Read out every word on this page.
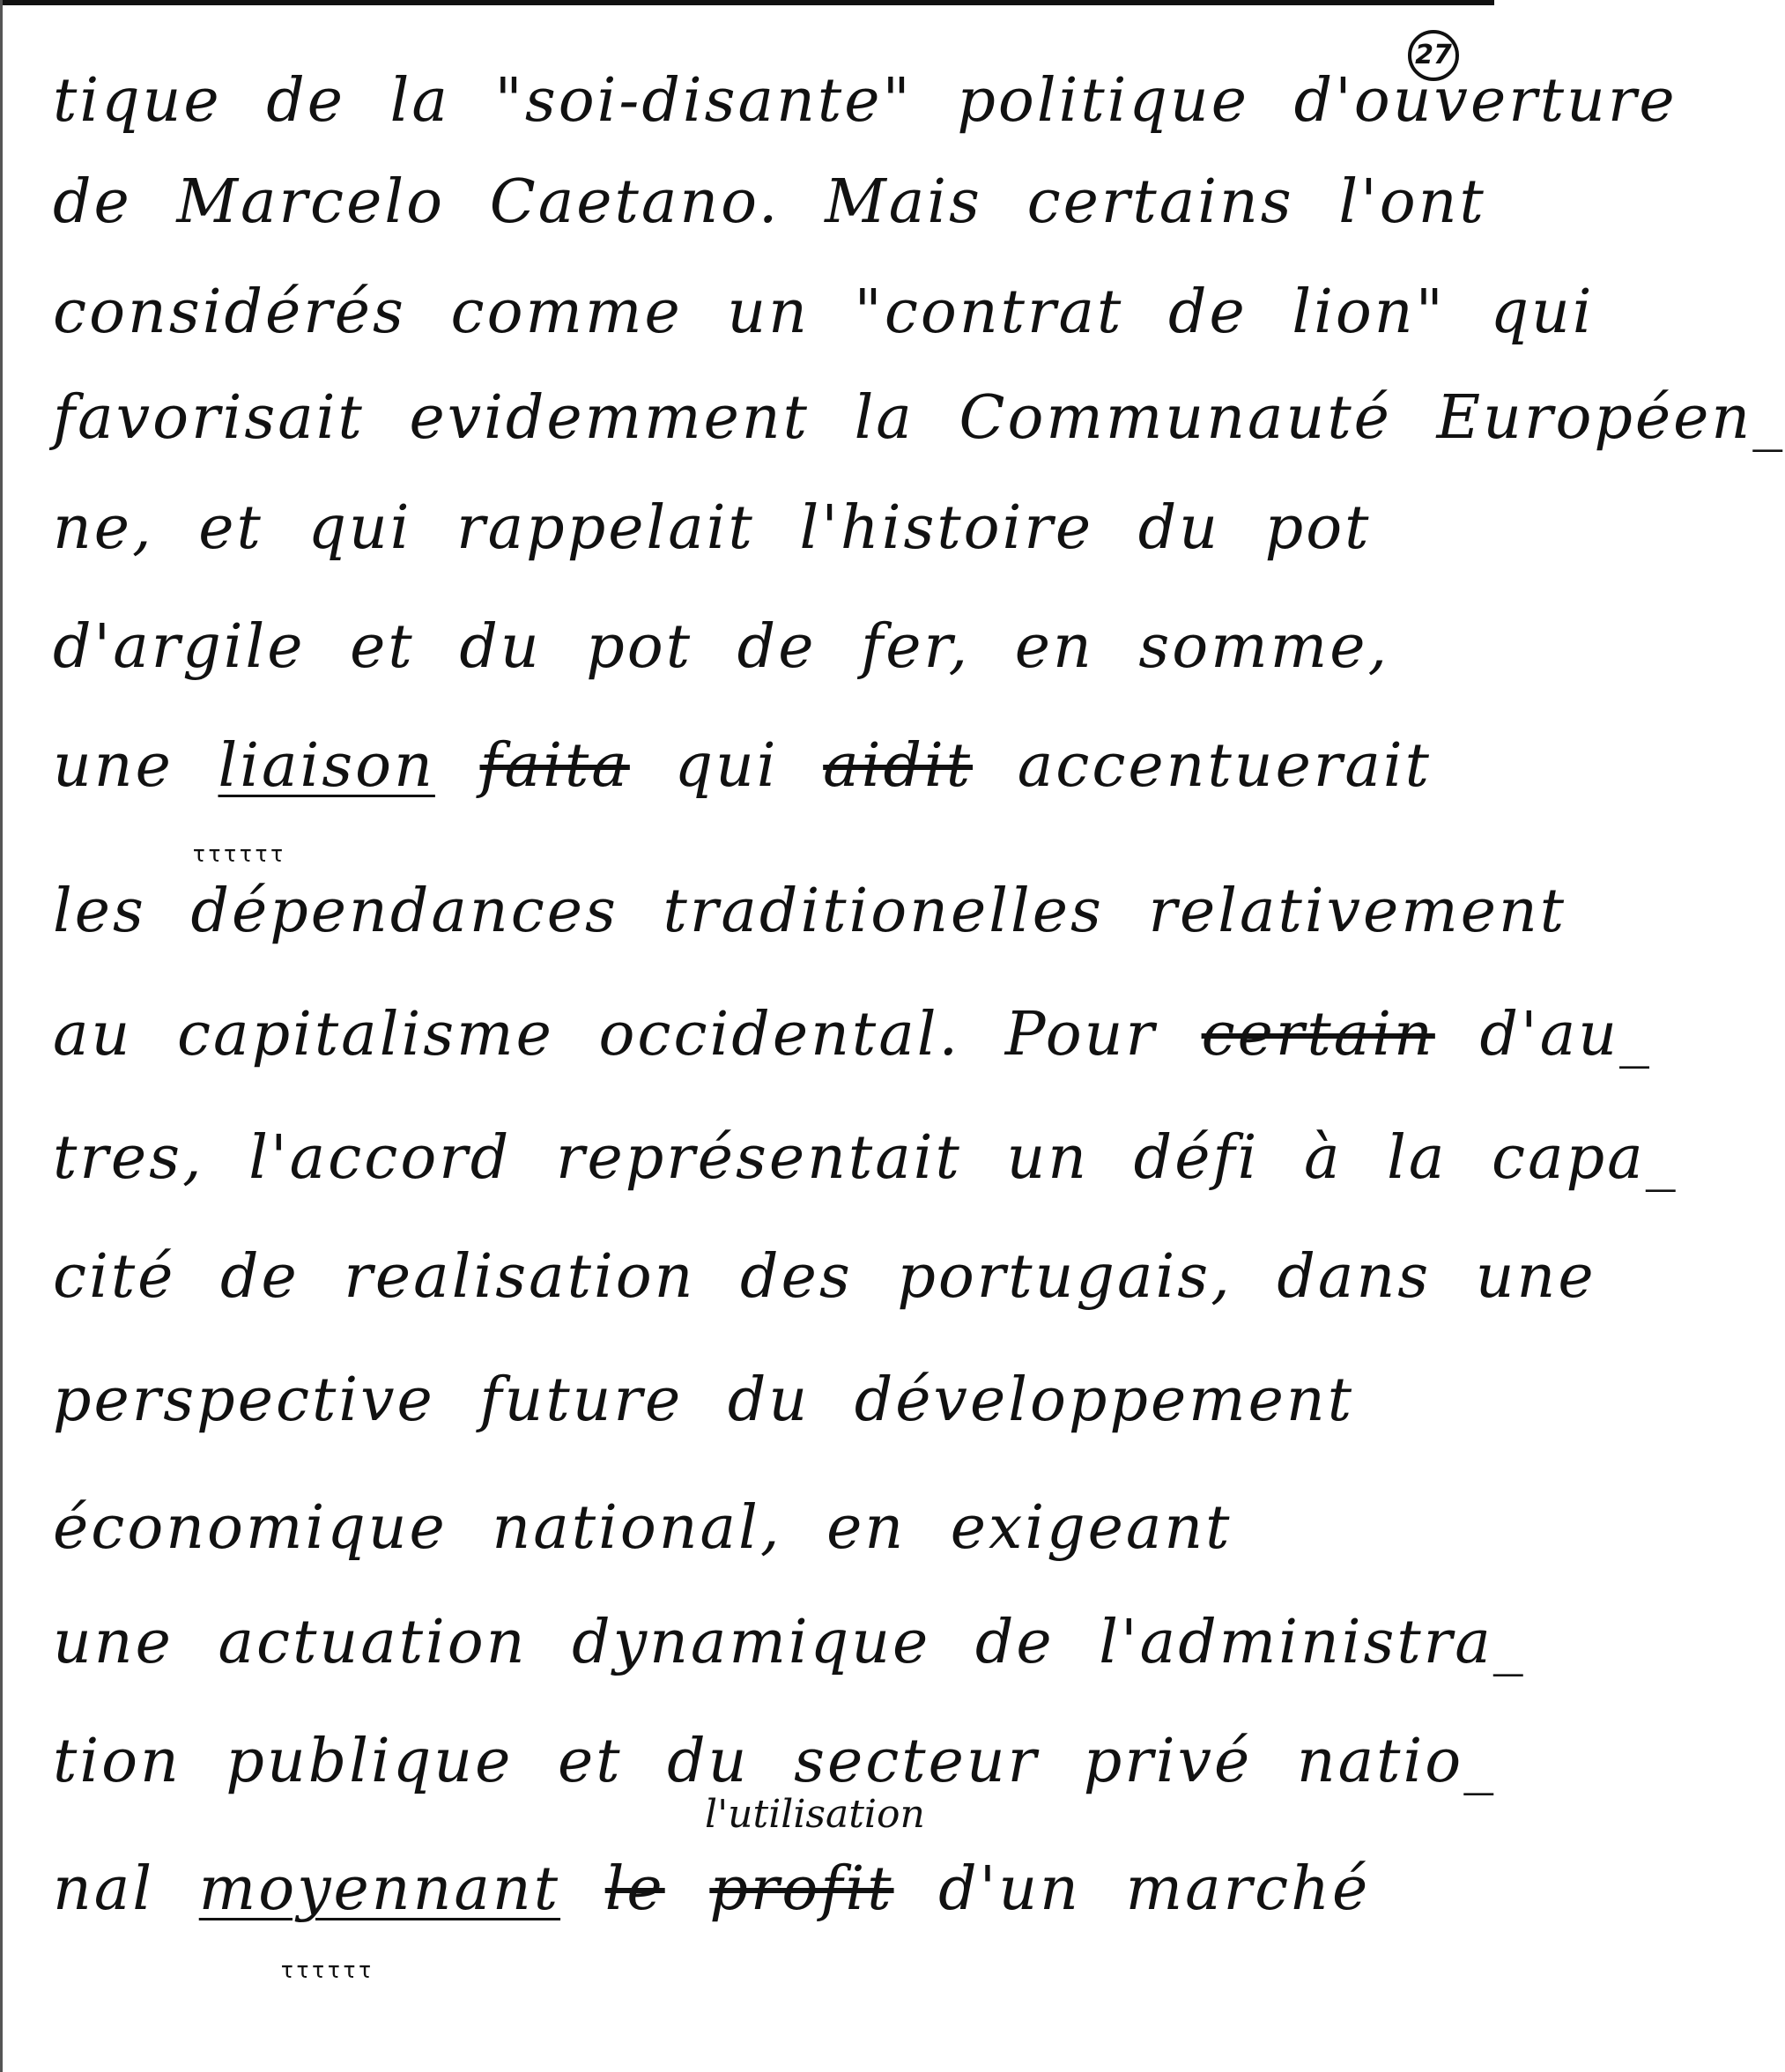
27
tique de la "soi-disante" politique d'ouverture
de Marcelo Caetano. Mais certains l'ont
considérés comme un "contrat de lion" qui
favorisait evidemment la Communauté Européen_
ne, et qui rappelait l'histoire du pot
d'argile et du pot de fer, en somme,
une liaison faita qui aidit accentuerait
les dépendances traditionelles relativement
au capitalisme occidental. Pour certain d'au_
tres, l'accord représentait un défi à la capa_
cité de realisation des portugais, dans une
perspective future du développement
économique national, en exigeant
une actuation dynamique de l'administra_
tion publique et du secteur privé natio_
nal moyennant le profit d'un marché
l'utilisation
ττττττ
ττττττ
